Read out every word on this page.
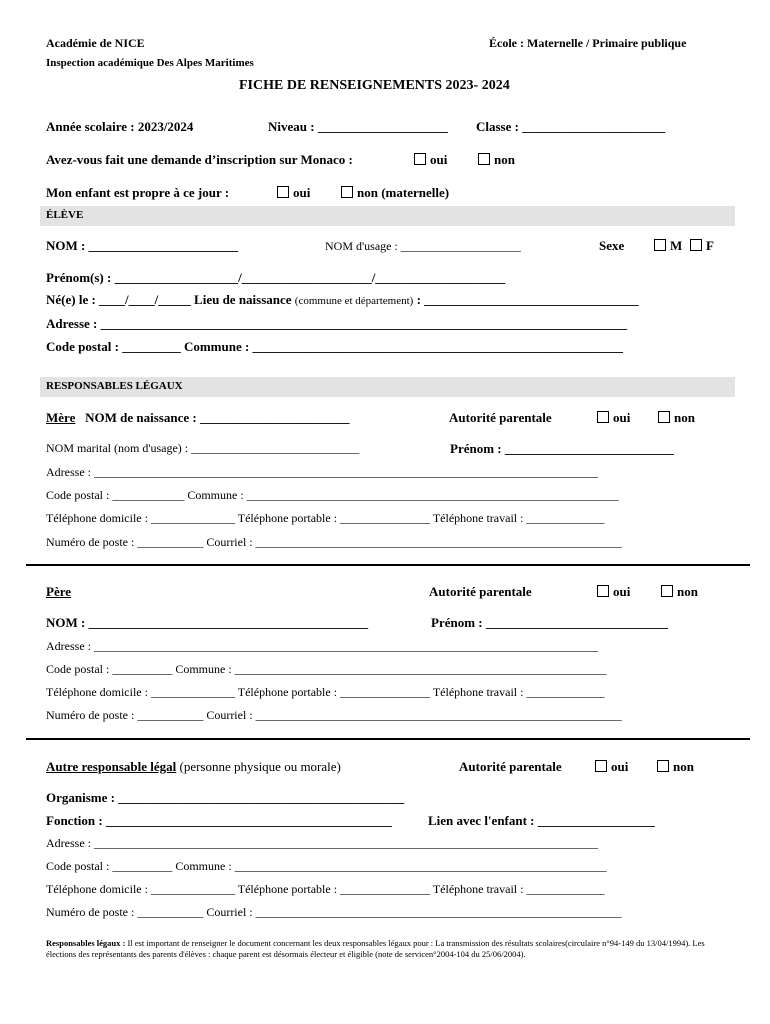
Académie de NICE	École : Maternelle / Primaire publique
Inspection académique Des Alpes Maritimes
FICHE DE RENSEIGNEMENTS 2023- 2024
Année scolaire : 2023/2024	Niveau : ____________________ Classe : ______________________
Avez-vous fait une demande d’inscription sur Monaco :	oui	non
Mon enfant est propre à ce jour :	oui	non (maternelle)
ÉLÈVE
NOM : _______________________	NOM d'usage : ____________________	Sexe	M	F
Prénom(s) : ___________________/____________________/____________________
Né(e) le : ____/____/_____ Lieu de naissance (commune et département) : _________________________________
Adresse : _________________________________________________________________________________
Code postal : _________ Commune : _________________________________________________________
RESPONSABLES LÉGAUX
Mère NOM de naissance : _______________________	Autorité parentale	oui	non
NOM marital (nom d'usage) : ____________________________	Prénom : __________________________
Adresse : ____________________________________________________________________________________
Code postal : ____________ Commune : ______________________________________________________________
Téléphone domicile : ______________ Téléphone portable : _______________ Téléphone travail : _____________
Numéro de poste : ___________ Courriel : _____________________________________________________________
Père	Autorité parentale	oui	non
NOM : ___________________________________________	Prénom : ____________________________
Adresse : ____________________________________________________________________________________
Code postal : __________ Commune : ______________________________________________________________
Téléphone domicile : ______________ Téléphone portable : _______________ Téléphone travail : _____________
Numéro de poste : ___________ Courriel : _____________________________________________________________
Autre responsable légal (personne physique ou morale)	Autorité parentale	oui	non
Organisme : ____________________________________________
Fonction : ____________________________________________	Lien avec l'enfant : __________________
Adresse : ____________________________________________________________________________________
Code postal : __________ Commune : ______________________________________________________________
Téléphone domicile : ______________ Téléphone portable : _______________ Téléphone travail : _____________
Numéro de poste : ___________ Courriel : _____________________________________________________________
Responsables légaux : Il est important de renseigner le document concernant les deux responsables légaux pour : La transmission des résultats scolaires(circulaire n°94-149 du 13/04/1994). Les élections des représentants des parents d'élèves : chaque parent est désormais électeur et éligible (note de servicen°2004-104 du 25/06/2004).
